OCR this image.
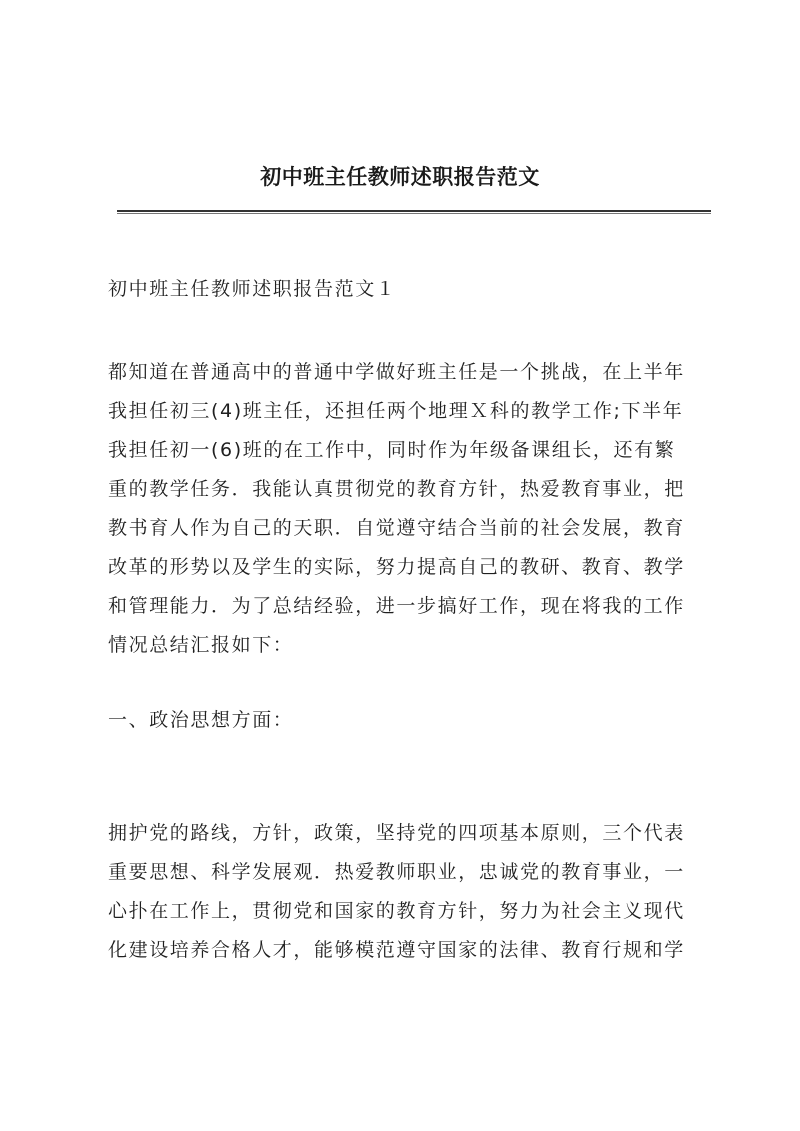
初中班主任教师述职报告范文
初中班主任教师述职报告范文１
都知道在普通高中的普通中学做好班主任是一个挑战，在上半年
我担任初三(4)班主任，还担任两个地理Ｘ科的教学工作;下半年
我担任初一(6)班的在工作中，同时作为年级备课组长，还有繁
重的教学任务．我能认真贯彻党的教育方针，热爱教育事业，把
教书育人作为自己的天职．自觉遵守结合当前的社会发展，教育
改革的形势以及学生的实际，努力提高自己的教研、教育、教学
和管理能力．为了总结经验，进一步搞好工作，现在将我的工作
情况总结汇报如下：
一、政治思想方面：
拥护党的路线，方针，政策，坚持党的四项基本原则，三个代表
重要思想、科学发展观．热爱教师职业，忠诚党的教育事业，一
心扑在工作上，贯彻党和国家的教育方针，努力为社会主义现代
化建设培养合格人才，能够模范遵守国家的法律、教育行规和学
